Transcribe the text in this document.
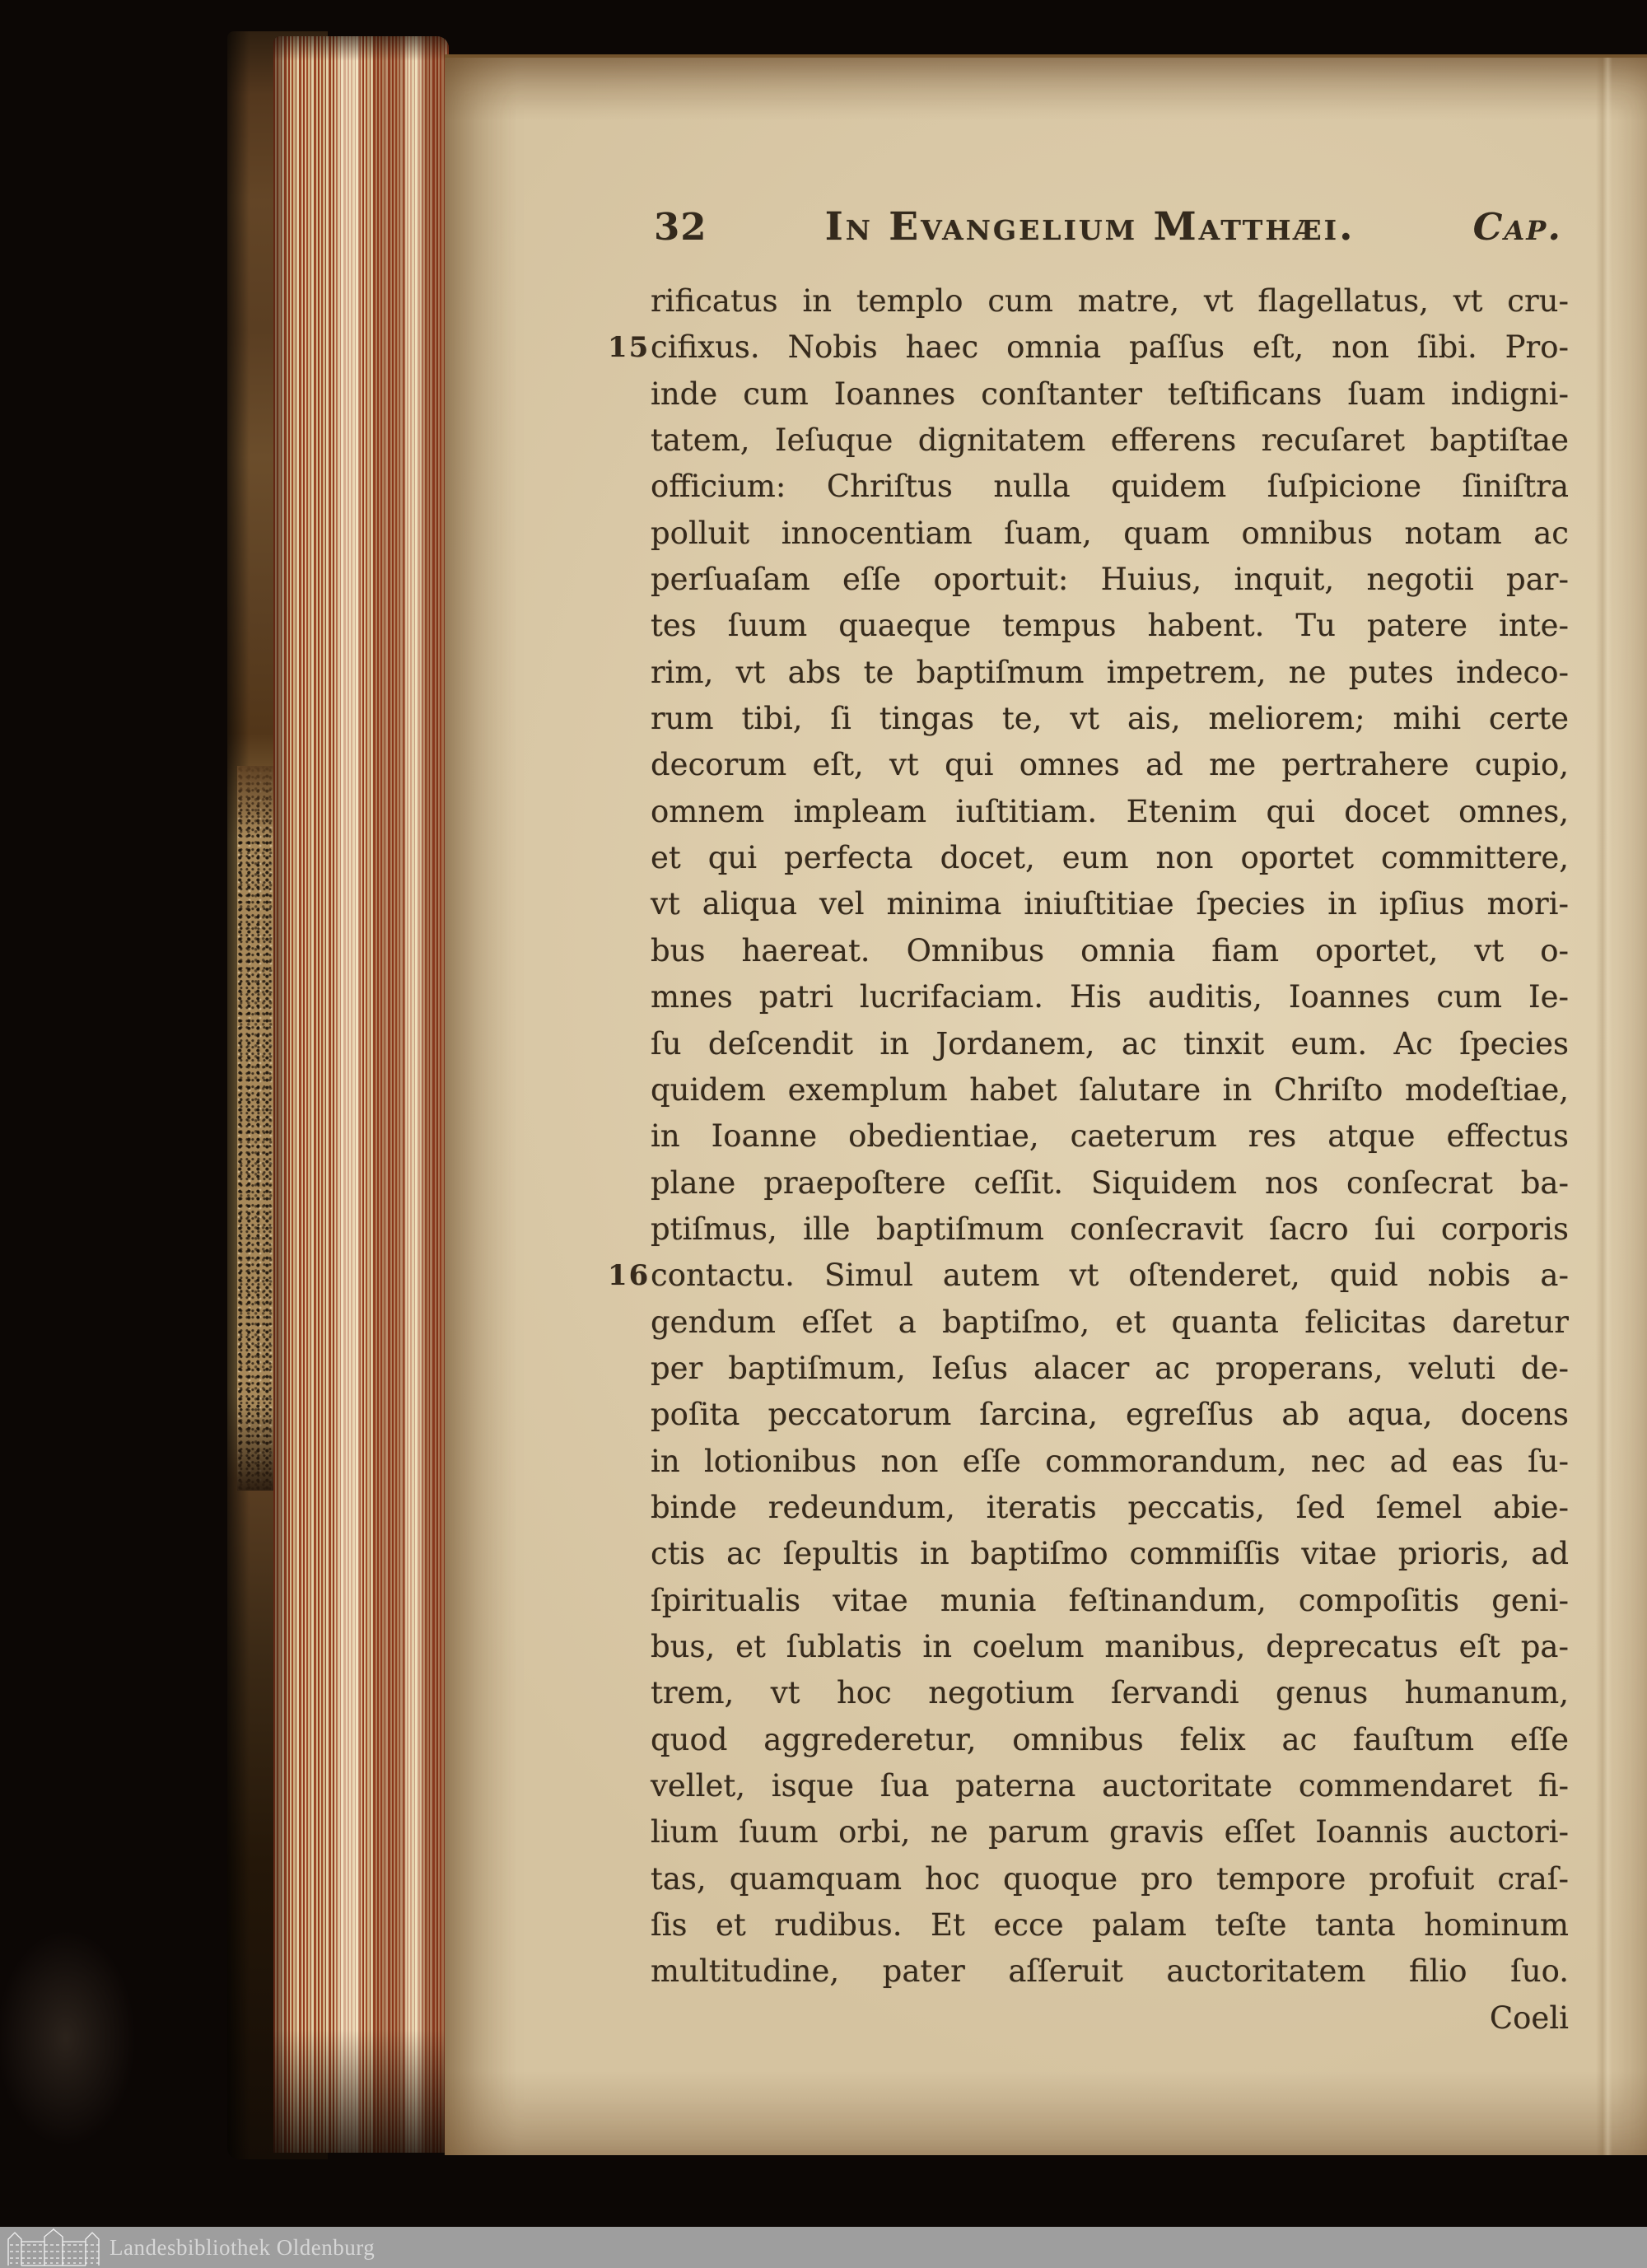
32	In Evangelium Matthæi.	Cap.
rificatus in templo cum matre, vt flagellatus, vt cru-
15 cifixus. Nobis haec omnia paſſus eſt, non ſibi. Pro-
inde cum Ioannes conſtanter teſtificans ſuam indigni-
tatem, Ieſuque dignitatem efferens recuſaret baptiſtae
officium: Chriſtus nulla quidem ſuſpicione ſiniſtra
polluit innocentiam ſuam, quam omnibus notam ac
perſuaſam eſſe oportuit: Huius, inquit, negotii par-
tes ſuum quaeque tempus habent. Tu patere inte-
rim, vt abs te baptiſmum impetrem, ne putes indeco-
rum tibi, ſi tingas te, vt ais, meliorem; mihi certe
decorum eſt, vt qui omnes ad me pertrahere cupio,
omnem impleam iuſtitiam. Etenim qui docet omnes,
et qui perfecta docet, eum non oportet committere,
vt aliqua vel minima iniuſtitiae ſpecies in ipſius mori-
bus haereat. Omnibus omnia fiam oportet, vt o-
mnes patri lucrifaciam. His auditis, Ioannes cum Ie-
ſu deſcendit in Jordanem, ac tinxit eum. Ac ſpecies
quidem exemplum habet ſalutare in Chriſto modeſtiae,
in Ioanne obedientiae, caeterum res atque effectus
plane praepoſtere ceſſit. Siquidem nos conſecrat ba-
ptiſmus, ille baptiſmum conſecravit ſacro ſui corporis
16 contactu. Simul autem vt oſtenderet, quid nobis a-
gendum eſſet a baptiſmo, et quanta felicitas daretur
per baptiſmum, Ieſus alacer ac properans, veluti de-
poſita peccatorum ſarcina, egreſſus ab aqua, docens
in lotionibus non eſſe commorandum, nec ad eas ſu-
binde redeundum, iteratis peccatis, ſed ſemel abie-
ctis ac ſepultis in baptiſmo commiſſis vitae prioris, ad
ſpiritualis vitae munia feſtinandum, compoſitis geni-
bus, et ſublatis in coelum manibus, deprecatus eſt pa-
trem, vt hoc negotium ſervandi genus humanum,
quod aggrederetur, omnibus felix ac fauſtum eſſe
vellet, isque ſua paterna auctoritate commendaret fi-
lium ſuum orbi, ne parum gravis eſſet Ioannis auctori-
tas, quamquam hoc quoque pro tempore profuit craſ-
ſis et rudibus. Et ecce palam teſte tanta hominum
multitudine, pater aſſeruit auctoritatem filio ſuo.
Coeli
Landesbibliothek Oldenburg
